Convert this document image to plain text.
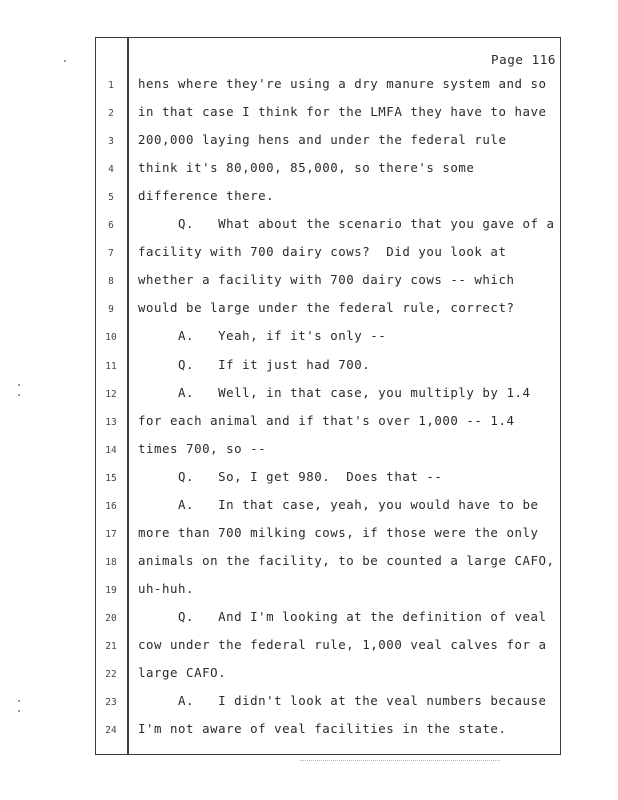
Page 116
1	hens where they're using a dry manure system and so
2	in that case I think for the LMFA they have to have
3	200,000 laying hens and under the federal rule
4	think it's 80,000, 85,000, so there's some
5	difference there.
6	Q.   What about the scenario that you gave of a
7	facility with 700 dairy cows?  Did you look at
8	whether a facility with 700 dairy cows -- which
9	would be large under the federal rule, correct?
10	A.   Yeah, if it's only --
11	Q.   If it just had 700.
12	A.   Well, in that case, you multiply by 1.4
13	for each animal and if that's over 1,000 -- 1.4
14	times 700, so --
15	Q.   So, I get 980.  Does that --
16	A.   In that case, yeah, you would have to be
17	more than 700 milking cows, if those were the only
18	animals on the facility, to be counted a large CAFO,
19	uh-huh.
20	Q.   And I'm looking at the definition of veal
21	cow under the federal rule, 1,000 veal calves for a
22	large CAFO.
23	A.   I didn't look at the veal numbers because
24	I'm not aware of veal facilities in the state.
